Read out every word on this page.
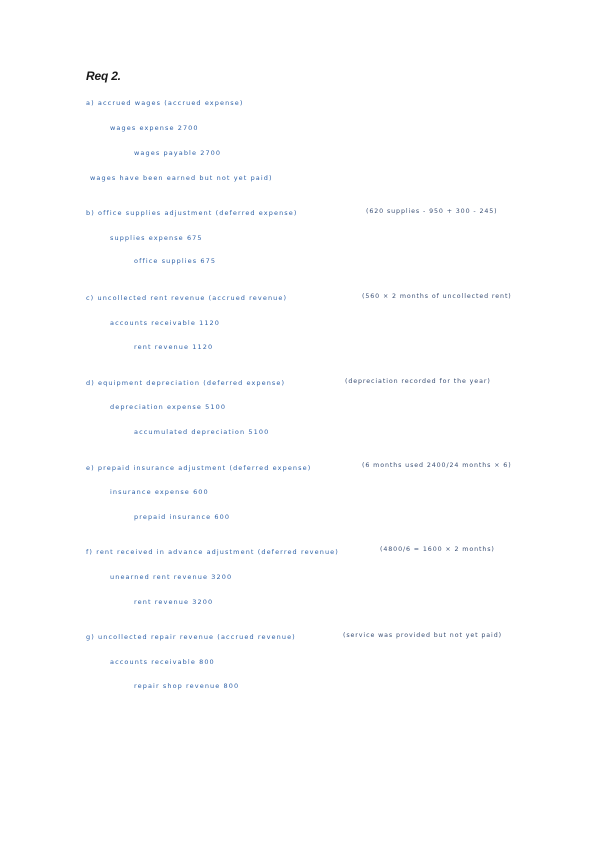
Req 2.
a) accrued wages (accrued expense)
wages expense 2700
wages payable 2700
wages have been earned but not yet paid)
b) office supplies adjustment (deferred expense)	(620 supplies - 950 + 300 - 245)
supplies expense 675
office supplies 675
c) uncollected rent revenue (accrued revenue)	(560 × 2 months of uncollected rent)
accounts receivable 1120
rent revenue 1120
d) equipment depreciation (deferred expense)	(depreciation recorded for the year)
depreciation expense 5100
accumulated depreciation 5100
e) prepaid insurance adjustment (deferred expense)	(6 months used 2400/24 months × 6)
insurance expense 600
prepaid insurance 600
f) rent received in advance adjustment (deferred revenue)	(4800/6 = 1600 × 2 months)
unearned rent revenue 3200
rent revenue 3200
g) uncollected repair revenue (accrued revenue)	(service was provided but not yet paid)
accounts receivable 800
repair shop revenue 800
